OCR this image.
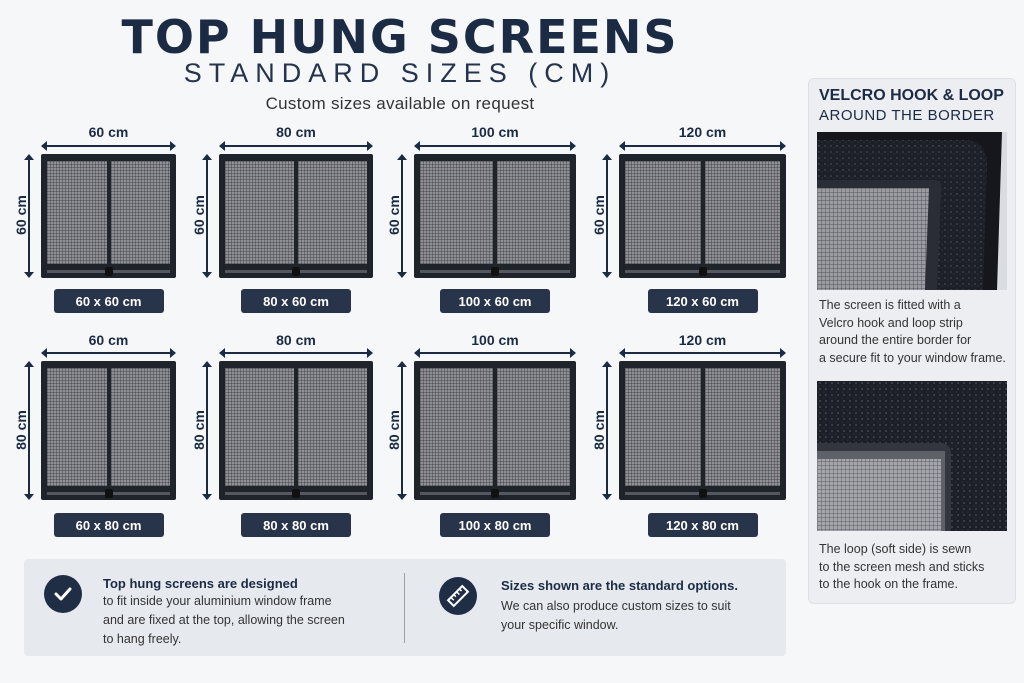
TOP HUNG SCREENS
STANDARD SIZES (CM)
Custom sizes available on request
60 cm
60 cm
60 x 60 cm
80 cm
60 cm
80 x 60 cm
100 cm
60 cm
100 x 60 cm
120 cm
60 cm
120 x 60 cm
60 cm
80 cm
60 x 80 cm
80 cm
80 cm
80 x 80 cm
100 cm
80 cm
100 x 80 cm
120 cm
80 cm
120 x 80 cm
Top hung screens are designed
to fit inside your aluminium window frame
and are fixed at the top, allowing the screen
to hang freely.
Sizes shown are the standard options.
We can also produce custom sizes to suit
your specific window.
VELCRO HOOK & LOOP
AROUND THE BORDER
The screen is fitted with a
Velcro hook and loop strip
around the entire border for
a secure fit to your window frame.
The loop (soft side) is sewn
to the screen mesh and sticks
to the hook on the frame.
